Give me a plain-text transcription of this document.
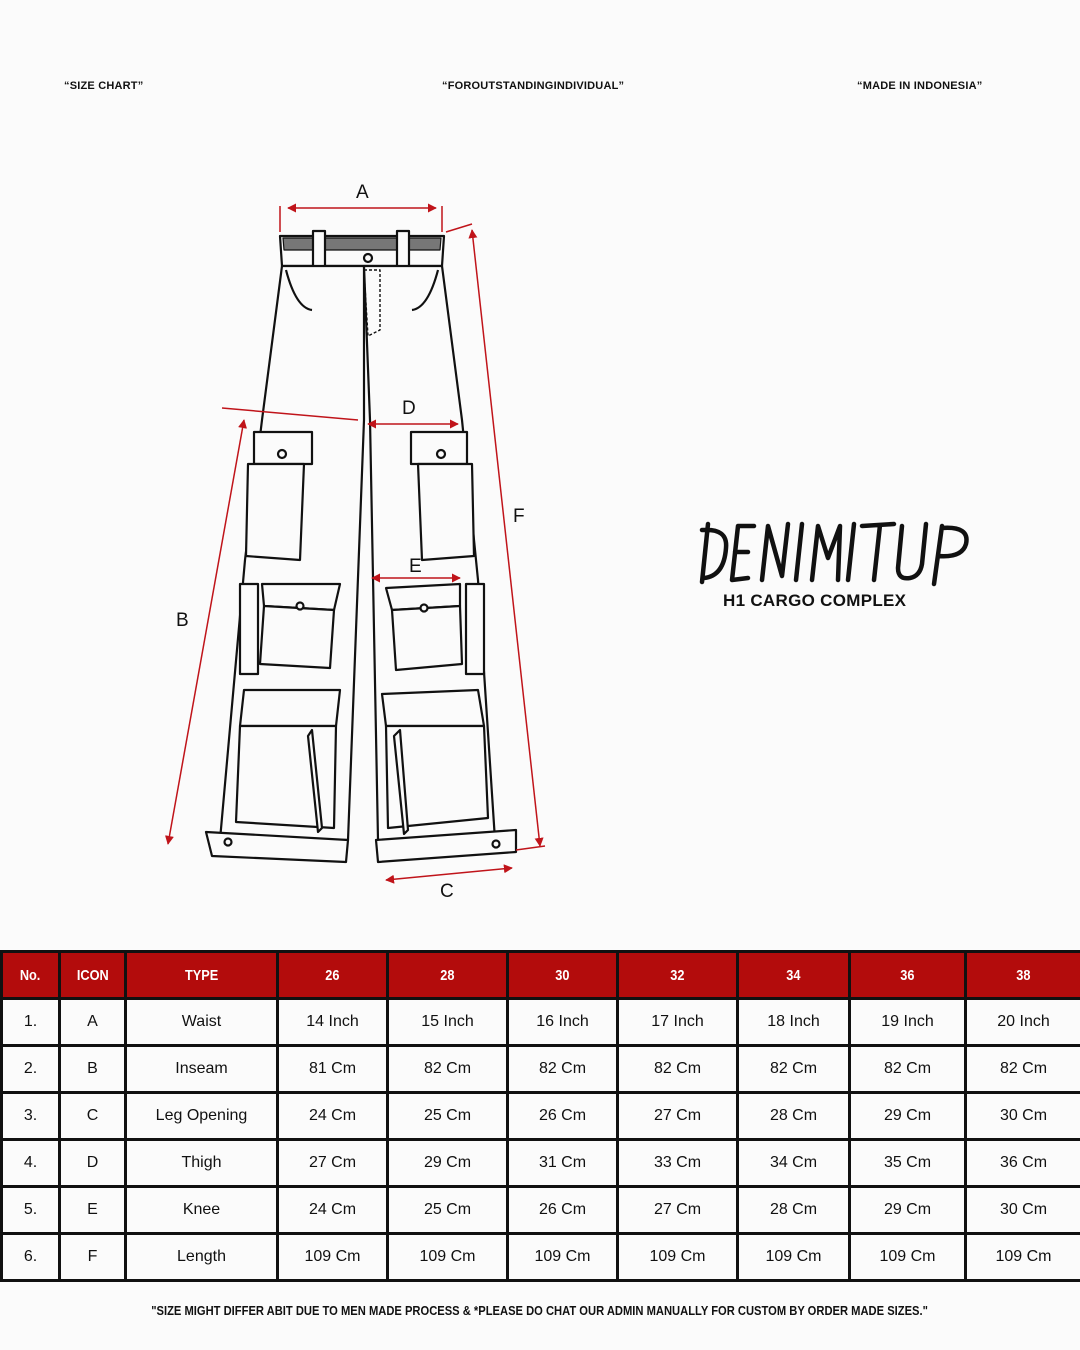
“SIZE CHART”	“FOROUTSTANDINGINDIVIDUAL”	“MADE IN INDONESIA”
A
B
C
D
E
F
H1 CARGO COMPLEX
No.	ICON	TYPE	26	28	30	32	34	36	38
1.	A	Waist	14 Inch	15 Inch	16 Inch	17 Inch	18 Inch	19 Inch	20 Inch
2.	B	Inseam	81 Cm	82 Cm	82 Cm	82 Cm	82 Cm	82 Cm	82 Cm
3.	C	Leg Opening	24 Cm	25 Cm	26 Cm	27 Cm	28 Cm	29 Cm	30 Cm
4.	D	Thigh	27 Cm	29 Cm	31 Cm	33 Cm	34 Cm	35 Cm	36 Cm
5.	E	Knee	24 Cm	25 Cm	26 Cm	27 Cm	28 Cm	29 Cm	30 Cm
6.	F	Length	109 Cm	109 Cm	109 Cm	109 Cm	109 Cm	109 Cm	109 Cm
"SIZE MIGHT DIFFER ABIT DUE TO MEN MADE PROCESS & *PLEASE DO CHAT OUR ADMIN MANUALLY FOR CUSTOM BY ORDER MADE SIZES."
